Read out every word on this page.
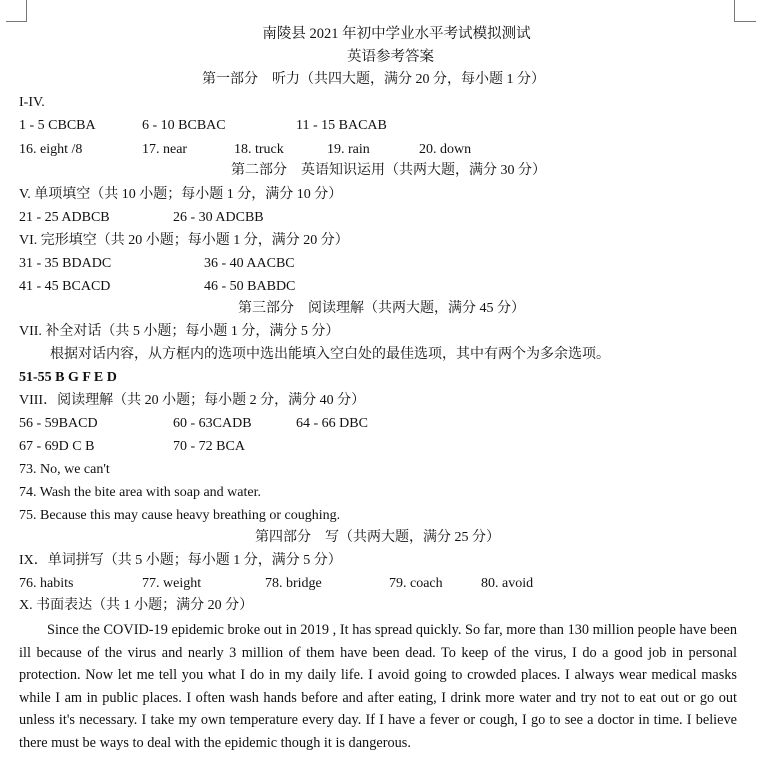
南陵县 2021 年初中学业水平考试模拟测试
英语参考答案
第一部分　听力（共四大题，满分 20 分，每小题 1 分）
I-IV.
1 - 5 CBCBA	6 - 10 BCBAC	11 - 15 BACAB
16. eight /8	17. near	18. truck	19. rain	20. down
第二部分　英语知识运用（共两大题，满分 30 分）
V. 单项填空（共 10 小题；每小题 1 分，满分 10 分）
21 - 25 ADBCB	26 - 30 ADCBB
VI. 完形填空（共 20 小题；每小题 1 分，满分 20 分）
31 - 35 BDADC	36 - 40 AACBC
41 - 45 BCACD	46 - 50 BABDC
第三部分　阅读理解（共两大题，满分 45 分）
VII. 补全对话（共 5 小题；每小题 1 分，满分 5 分）
根据对话内容，从方框内的选项中选出能填入空白处的最佳选项，其中有两个为多余选项。
51-55 B G F E D
VIII．阅读理解（共 20 小题；每小题 2 分，满分 40 分）
56 - 59BACD	60 - 63CADB	64 - 66 DBC
67 - 69D C B	70 - 72 BCA
73. No, we can't
74. Wash the bite area with soap and water.
75. Because this may cause heavy breathing or coughing.
第四部分　写（共两大题，满分 25 分）
IX．单词拼写（共 5 小题；每小题 1 分，满分 5 分）
76. habits	77. weight	78. bridge	79. coach	80. avoid
X. 书面表达（共 1 小题；满分 20 分）

Since the COVID-19 epidemic broke out in 2019 , It has spread quickly. So far, more than 130 million people have been ill because of the virus and nearly 3 million of them have been dead. To keep of the virus, I do a good job in personal protection. Now let me tell you what I do in my daily life. I avoid going to crowded places. I always wear medical masks while I am in public places. I often wash hands before and after eating, I drink more water and try not to eat out or go out unless it's necessary. I take my own temperature every day. If I have a fever or cough, I go to see a doctor in time. I believe there must be ways to deal with the epidemic though it is dangerous.
